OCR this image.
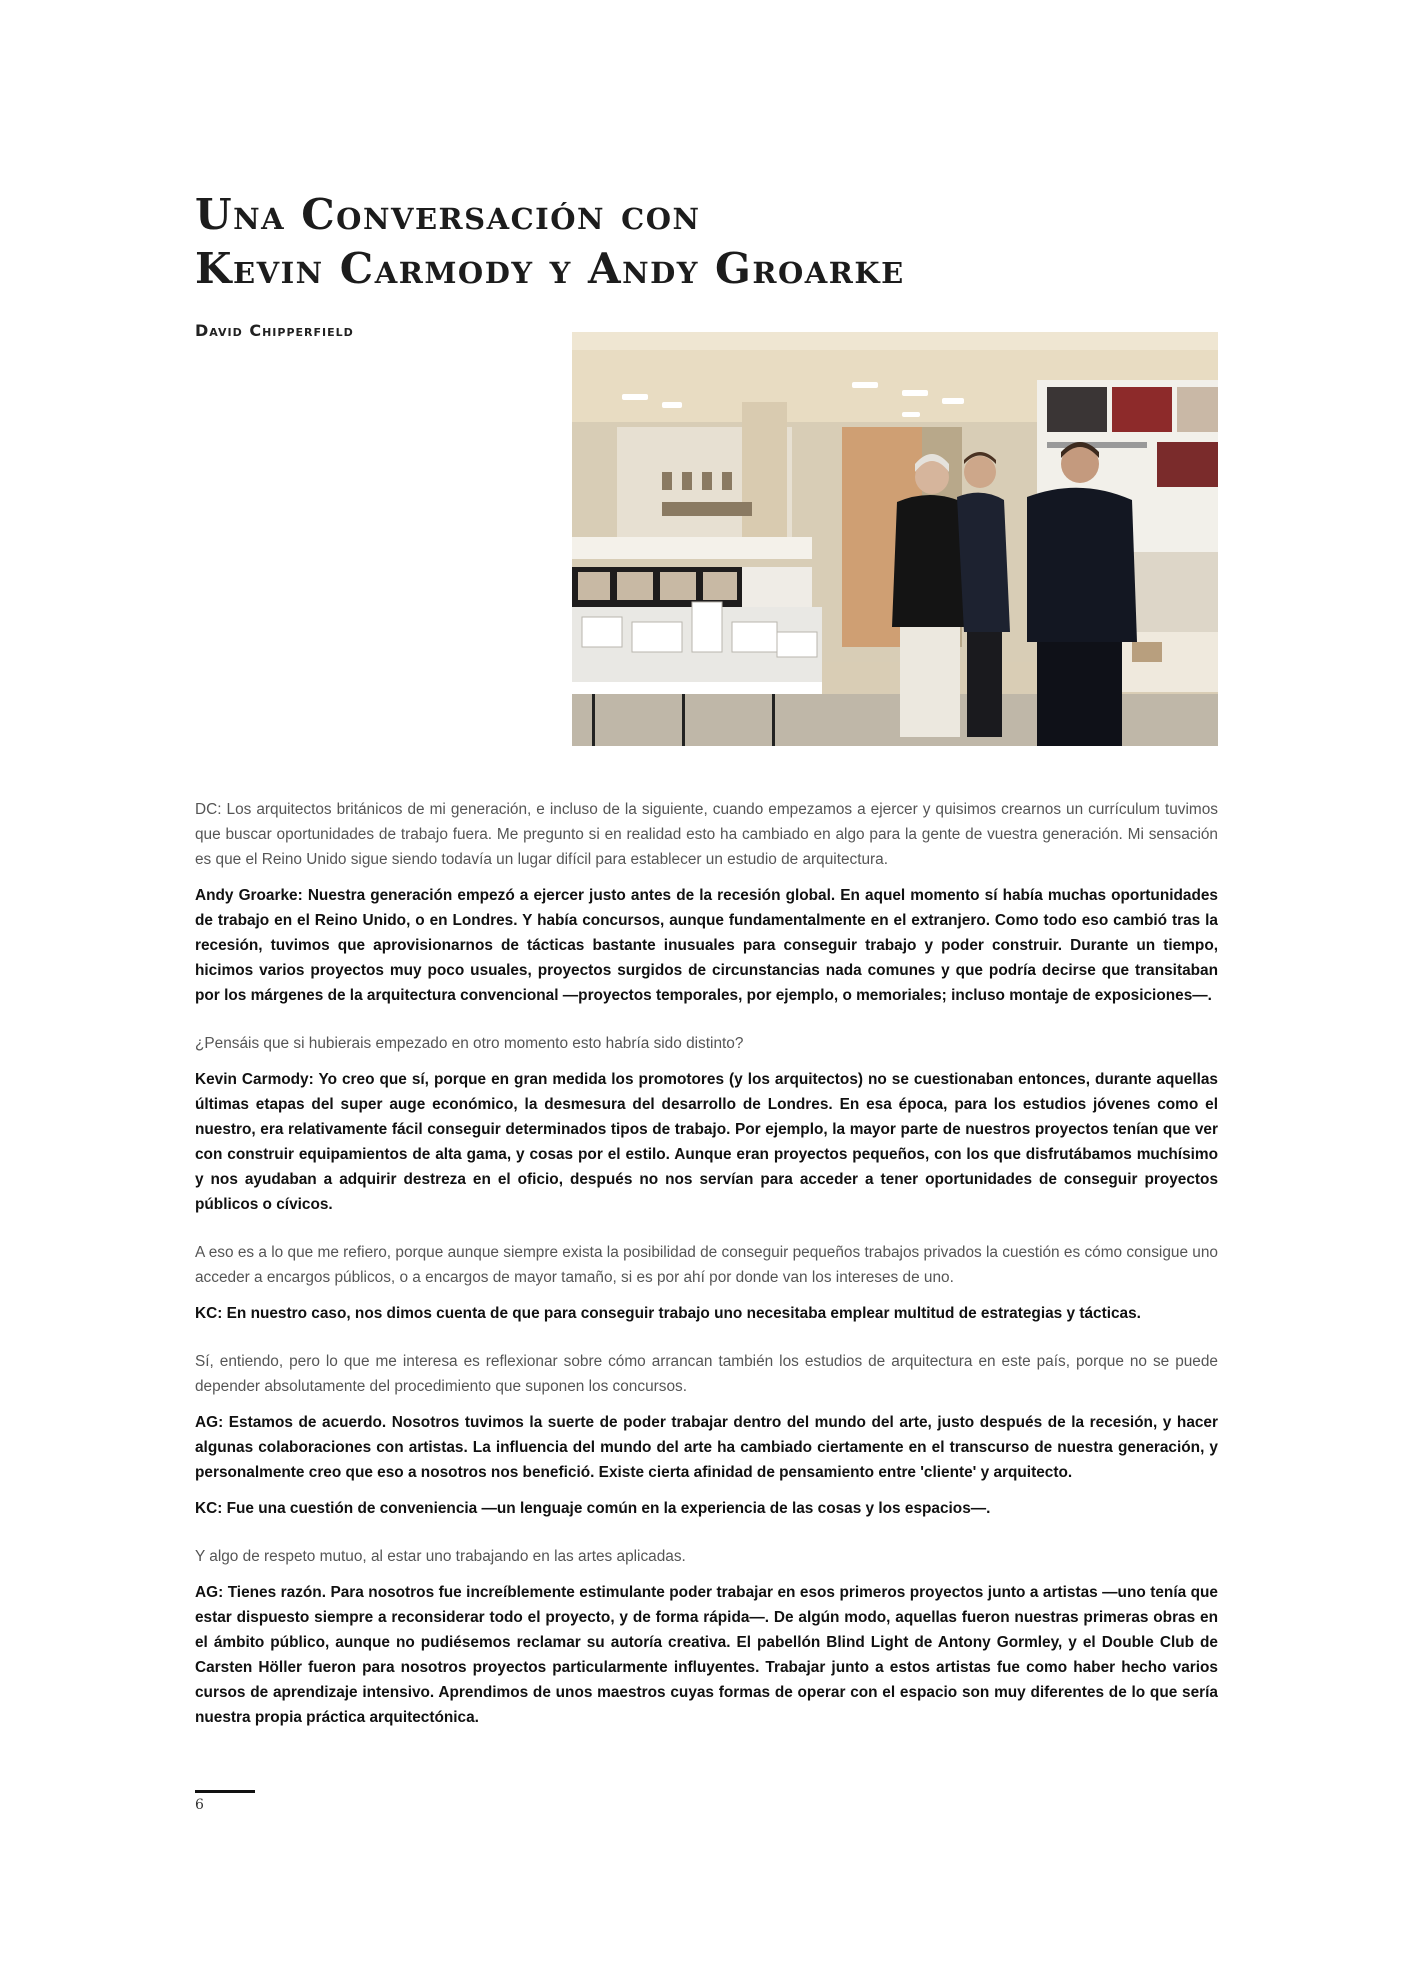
Una Conversación con
Kevin Carmody y Andy Groarke
David Chipperfield

DC: Los arquitectos británicos de mi generación, e incluso de la siguiente, cuando empezamos a ejercer y quisimos crearnos un currículum tuvimos que buscar oportunidades de trabajo fuera. Me pregunto si en realidad esto ha cambiado en algo para la gente de vuestra generación. Mi sensación es que el Reino Unido sigue siendo todavía un lugar difícil para establecer un estudio de arquitectura.

Andy Groarke: Nuestra generación empezó a ejercer justo antes de la recesión global. En aquel momento sí había muchas oportunidades de trabajo en el Reino Unido, o en Londres. Y había concursos, aunque fundamentalmente en el extranjero. Como todo eso cambió tras la recesión, tuvimos que aprovisionarnos de tácticas bastante inusuales para conseguir trabajo y poder construir. Durante un tiempo, hicimos varios proyectos muy poco usuales, proyectos surgidos de circunstancias nada comunes y que podría decirse que transitaban por los márgenes de la arquitectura convencional —proyectos temporales, por ejemplo, o memoriales; incluso montaje de exposiciones—.

¿Pensáis que si hubierais empezado en otro momento esto habría sido distinto?

Kevin Carmody: Yo creo que sí, porque en gran medida los promotores (y los arquitectos) no se cuestionaban entonces, durante aquellas últimas etapas del super auge económico, la desmesura del desarrollo de Londres. En esa época, para los estudios jóvenes como el nuestro, era relativamente fácil conseguir determinados tipos de trabajo. Por ejemplo, la mayor parte de nuestros proyectos tenían que ver con construir equipamientos de alta gama, y cosas por el estilo. Aunque eran proyectos pequeños, con los que disfrutábamos muchísimo y nos ayudaban a adquirir destreza en el oficio, después no nos servían para acceder a tener oportunidades de conseguir proyectos públicos o cívicos.

A eso es a lo que me refiero, porque aunque siempre exista la posibilidad de conseguir pequeños trabajos privados la cuestión es cómo consigue uno acceder a encargos públicos, o a encargos de mayor tamaño, si es por ahí por donde van los intereses de uno.

KC: En nuestro caso, nos dimos cuenta de que para conseguir trabajo uno necesitaba emplear multitud de estrategias y tácticas.

Sí, entiendo, pero lo que me interesa es reflexionar sobre cómo arrancan también los estudios de arquitectura en este país, porque no se puede depender absolutamente del procedimiento que suponen los concursos.

AG: Estamos de acuerdo. Nosotros tuvimos la suerte de poder trabajar dentro del mundo del arte, justo después de la recesión, y hacer algunas colaboraciones con artistas. La influencia del mundo del arte ha cambiado ciertamente en el transcurso de nuestra generación, y personalmente creo que eso a nosotros nos benefició. Existe cierta afinidad de pensamiento entre 'cliente' y arquitecto.

KC: Fue una cuestión de conveniencia —un lenguaje común en la experiencia de las cosas y los espacios—.

Y algo de respeto mutuo, al estar uno trabajando en las artes aplicadas.

AG: Tienes razón. Para nosotros fue increíblemente estimulante poder trabajar en esos primeros proyectos junto a artistas —uno tenía que estar dispuesto siempre a reconsiderar todo el proyecto, y de forma rápida—. De algún modo, aquellas fueron nuestras primeras obras en el ámbito público, aunque no pudiésemos reclamar su autoría creativa. El pabellón Blind Light de Antony Gormley, y el Double Club de Carsten Höller fueron para nosotros proyectos particularmente influyentes. Trabajar junto a estos artistas fue como haber hecho varios cursos de aprendizaje intensivo. Aprendimos de unos maestros cuyas formas de operar con el espacio son muy diferentes de lo que sería nuestra propia práctica arquitectónica.

6
